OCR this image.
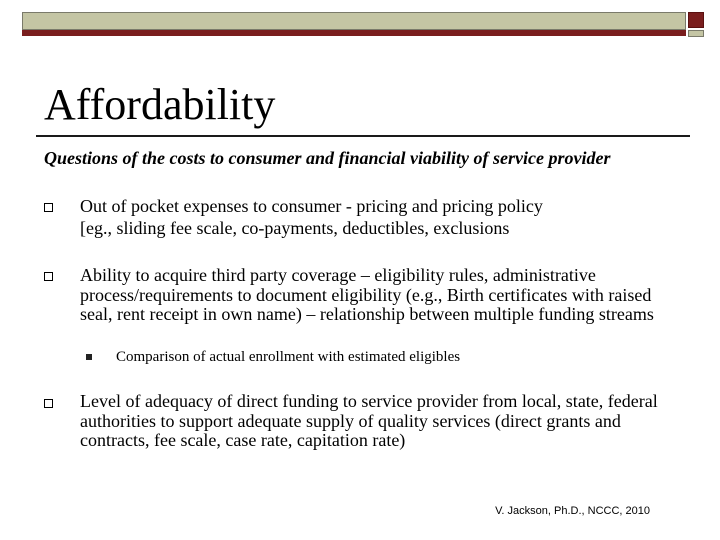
Affordability
Questions of the costs to consumer and financial viability of service provider
Out of pocket expenses to consumer - pricing and pricing policy
[eg., sliding fee scale, co-payments, deductibles, exclusions
Ability to acquire third party coverage – eligibility rules, administrative process/requirements to document eligibility (e.g., Birth certificates with raised seal, rent receipt in own name) – relationship between multiple funding streams
Comparison of actual enrollment with estimated eligibles
Level of adequacy of direct funding to service provider from local, state, federal authorities to support adequate supply of quality services (direct grants and contracts, fee scale, case rate, capitation rate)
V. Jackson, Ph.D., NCCC, 2010
